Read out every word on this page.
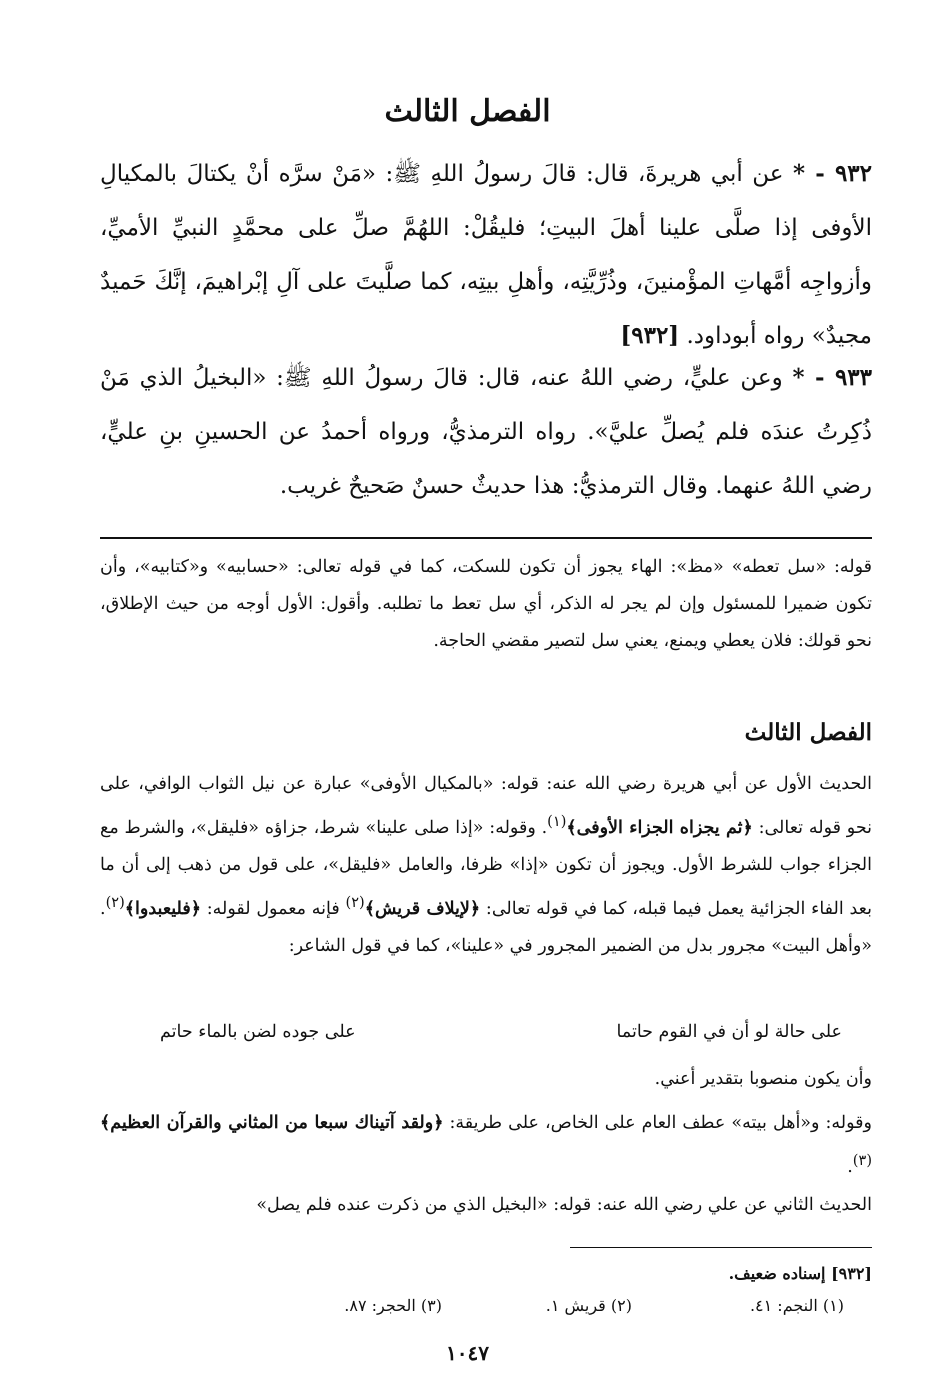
الفصل الثالث
٩٣٢ - * عن أبي هريرةَ، قال: قالَ رسولُ اللهِ ﷺ: «مَنْ سرَّه أنْ يكتالَ بالمكيالِ الأوفى إذا صلَّى علينا أهلَ البيتِ؛ فليقُلْ: اللهُمَّ صلِّ على محمَّدٍ النبيِّ الأميِّ، وأزواجِه أمَّهاتِ المؤْمنينَ، وذُرِّيَّتِه، وأهلِ بيتِه، كما صلَّيتَ على آلِ إبْراهيمَ، إنَّكَ حَميدٌ مجيدٌ» رواه أبوداود. [٩٣٢]
٩٣٣ - * وعن عليٍّ، رضي اللهُ عنه، قال: قالَ رسولُ اللهِ ﷺ: «البخيلُ الذي مَنْ ذُكِرتُ عندَه فلم يُصلِّ عليَّ». رواه الترمذيُّ، ورواه أحمدُ عن الحسينِ بنِ عليٍّ، رضي اللهُ عنهما. وقال الترمذيُّ: هذا حديثٌ حسنٌ صَحيحٌ غريب.
قوله: «سل تعطه» «مظ»: الهاء يجوز أن تكون للسكت، كما في قوله تعالى: «حسابيه» و«كتابيه»، وأن تكون ضميرا للمسئول وإن لم يجر له الذكر، أي سل تعط ما تطلبه. وأقول: الأول أوجه من حيث الإطلاق، نحو قولك: فلان يعطي ويمنع، يعني سل لتصير مقضي الحاجة.
الفصل الثالث
الحديث الأول عن أبي هريرة رضي الله عنه: قوله: «بالمكيال الأوفى» عبارة عن نيل الثواب الوافي، على نحو قوله تعالى: ﴿ثم يجزاه الجزاء الأوفى﴾$^{(١)}$. وقوله: «إذا صلى علينا» شرط، جزاؤه «فليقل»، والشرط مع الجزاء جواب للشرط الأول. ويجوز أن تكون «إذا» ظرفا، والعامل «فليقل»، على قول من ذهب إلى أن ما بعد الفاء الجزائية يعمل فيما قبله، كما في قوله تعالى: ﴿لإيلاف قريش﴾$^{(٢)}$ فإنه معمول لقوله: ﴿فليعبدوا﴾$^{(٢)}$. «وأهل البيت» مجرور بدل من الضمير المجرور في «علينا»، كما في قول الشاعر:
على حالة لو أن في القوم حاتما
على جوده لضن بالماء حاتم
وأن يكون منصوبا بتقدير أعني.
وقوله: و«أهل بيته» عطف العام على الخاص، على طريقة: ﴿ولقد آتيناك سبعا من المثاني والقرآن العظيم﴾$^{(٣)}$.
الحديث الثاني عن علي رضي الله عنه: قوله: «البخيل الذي من ذكرت عنده فلم يصل»
[٩٣٢] إسناده ضعيف.
(١) النجم: ٤١.
(٢) قريش ١.
(٣) الحجر: ٨٧.
١٠٤٧
